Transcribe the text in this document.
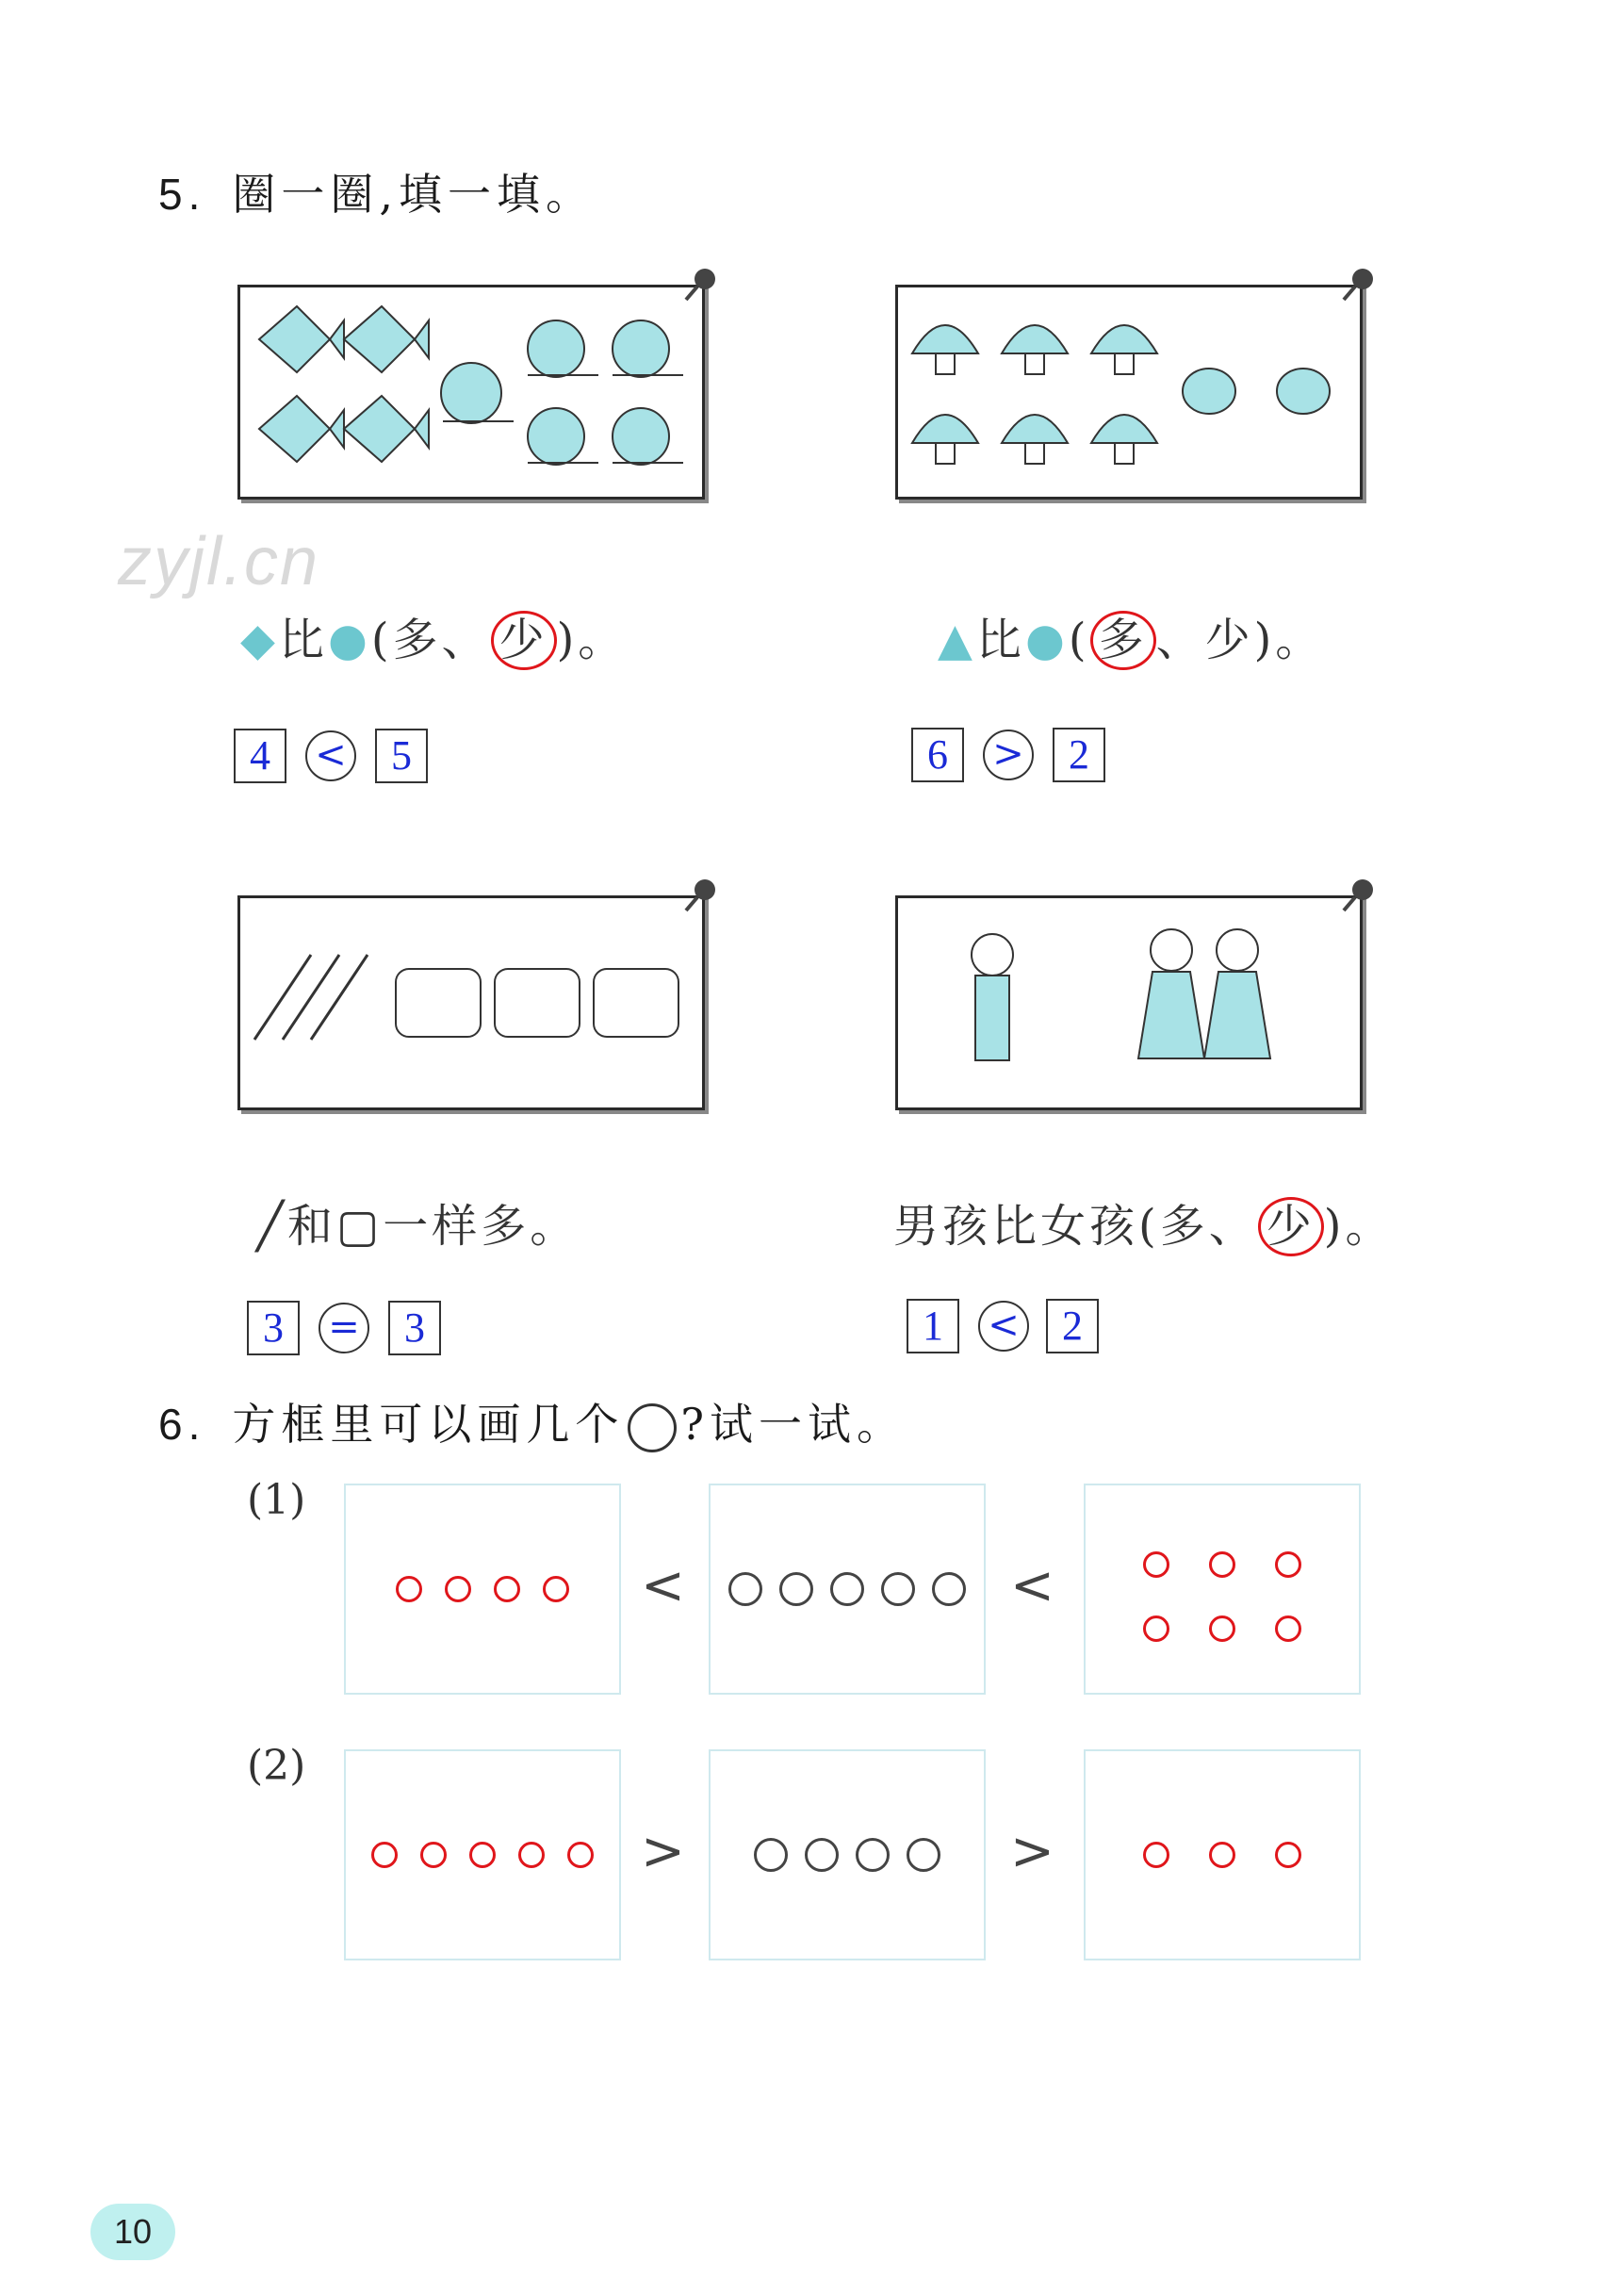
5. 圈一圈,填一填。
zyjl.cn
◆比●(多、 少 )。
4	<	5
▲比●( 多 、少)。
6	>	2
╱和▢一样多。
3	=	3
男孩比女孩(多、 少 )。
1	<	2
6. 方框里可以画几个 ?试一试。
(1)
<	<
(2)
>	>
10
